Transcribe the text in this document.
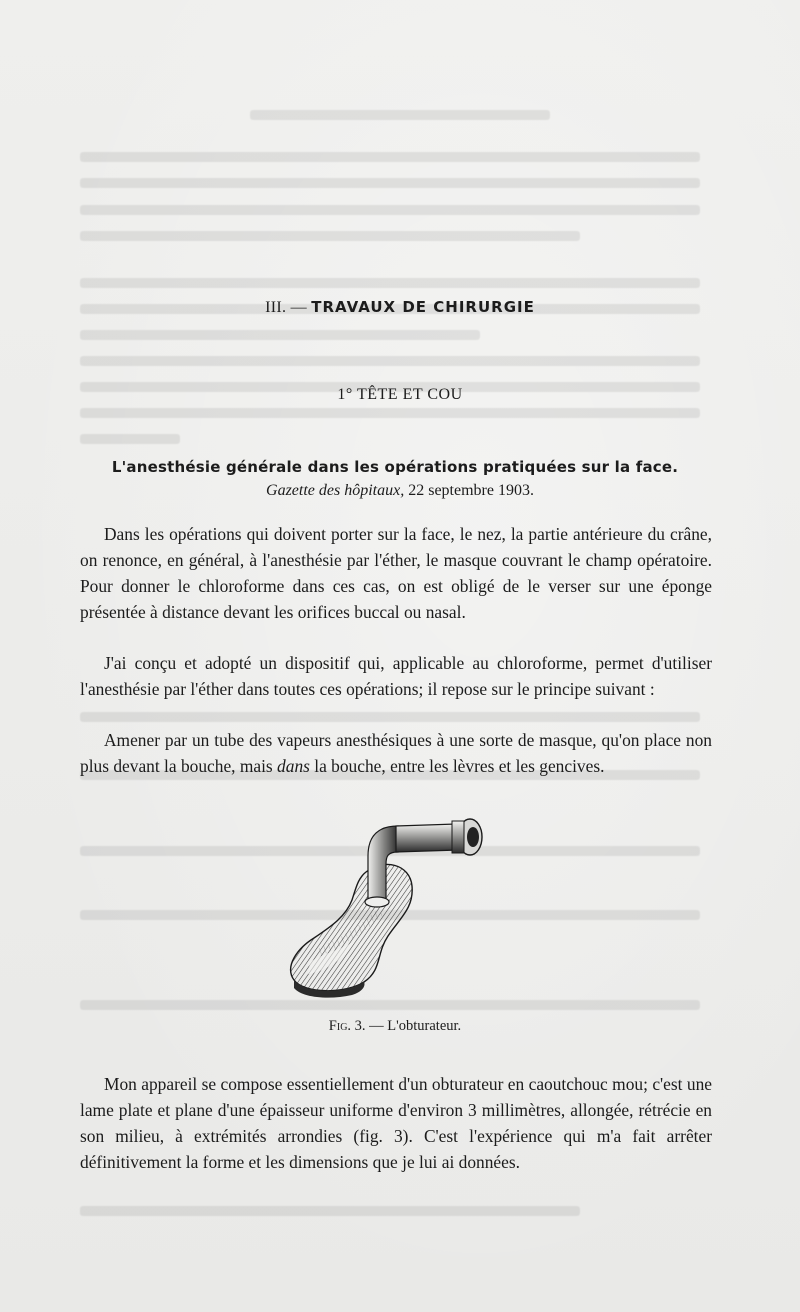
III. — TRAVAUX DE CHIRURGIE
1° TÊTE ET COU
L'anesthésie générale dans les opérations pratiquées sur la face.
Gazette des hôpitaux, 22 septembre 1903.

Dans les opérations qui doivent porter sur la face, le nez, la partie antérieure du crâne, on renonce, en général, à l'anesthésie par l'éther, le masque couvrant le champ opératoire. Pour donner le chloroforme dans ces cas, on est obligé de le verser sur une éponge présentée à distance devant les orifices buccal ou nasal.

J'ai conçu et adopté un dispositif qui, applicable au chloroforme, permet d'utiliser l'anesthésie par l'éther dans toutes ces opérations; il repose sur le principe suivant :

Amener par un tube des vapeurs anesthésiques à une sorte de masque, qu'on place non plus devant la bouche, mais dans la bouche, entre les lèvres et les gencives.

Fig. 3. — L'obturateur.

Mon appareil se compose essentiellement d'un obturateur en caoutchouc mou; c'est une lame plate et plane d'une épaisseur uniforme d'environ 3 millimètres, allongée, rétrécie en son milieu, à extrémités arrondies (fig. 3). C'est l'expérience qui m'a fait arrêter définitivement la forme et les dimensions que je lui ai données.
